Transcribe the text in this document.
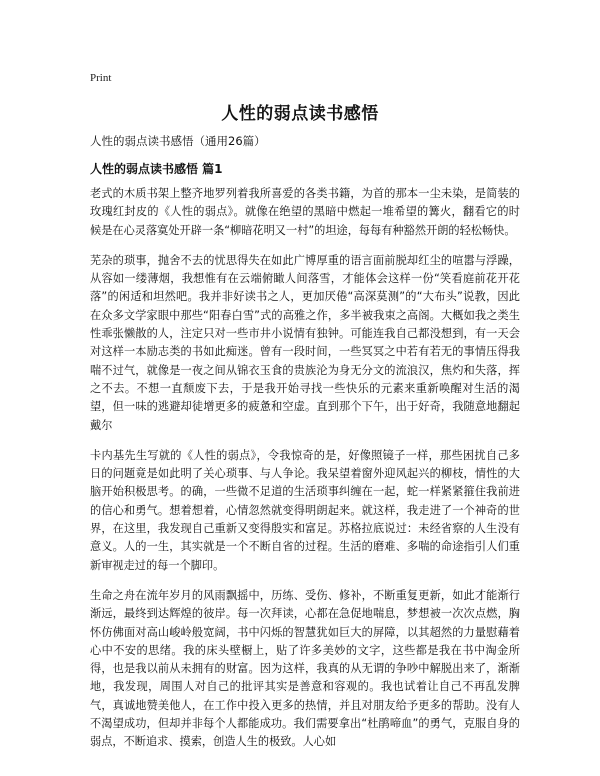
Print
人性的弱点读书感悟
人性的弱点读书感悟（通用26篇）
人性的弱点读书感悟 篇1

老式的木质书架上整齐地罗列着我所喜爱的各类书籍，为首的那本一尘未染，是简装的玫瑰红封皮的《人性的弱点》。就像在绝望的黑暗中燃起一堆希望的篝火，翻看它的时候是在心灵落寞处开辟一条“柳暗花明又一村”的坦途，每每有种豁然开朗的轻松畅快。

芜杂的琐事，抛舍不去的忧思得失在如此广博厚重的语言面前脱却红尘的喧嚣与浮躁，从容如一缕薄烟，我想惟有在云端俯瞰人间落雪，才能体会这样一份“笑看庭前花开花落”的闲适和坦然吧。我并非好读书之人，更加厌倦“高深莫测”的“大布头”说教，因此在众多文学家眼中那些“阳春白雪”式的高雅之作，多半被我束之高阁。大概如我之类生性乖张懒散的人，注定只对一些市井小说情有独钟。可能连我自己都没想到，有一天会对这样一本励志类的书如此痴迷。曾有一段时间，一些冥冥之中若有若无的事情压得我喘不过气，就像是一夜之间从锦衣玉食的贵族沦为身无分文的流浪汉，焦灼和失落，挥之不去。不想一直颓废下去，于是我开始寻找一些快乐的元素来重新唤醒对生活的渴望，但一味的逃避却徒增更多的疲惫和空虚。直到那个下午，出于好奇，我随意地翻起戴尔

卡内基先生写就的《人性的弱点》，令我惊奇的是，好像照镜子一样，那些困扰自己多日的问题竟是如此明了关心琐事、与人争论。我呆望着窗外迎风起兴的柳枝，情性的大脑开始积极思考。的确，一些微不足道的生活琐事纠缠在一起，蛇一样紧紧箍住我前进的信心和勇气。想着想着，心情忽然就变得明朗起来。就这样，我走进了一个神奇的世界，在这里，我发现自己重新又变得殷实和富足。苏格拉底说过：未经省察的人生没有意义。人的一生，其实就是一个不断自省的过程。生活的磨难、多喘的命途指引人们重新审视走过的每一个脚印。

生命之舟在流年岁月的风雨飘摇中，历练、受伤、修补，不断重复更新，如此才能渐行渐远，最终到达辉煌的彼岸。每一次拜读，心都在急促地喘息，梦想被一次次点燃，胸怀仿佛面对高山峻岭般宽阔，书中闪烁的智慧犹如巨大的屏障，以其超然的力量慰藉着心中不安的思绪。我的床头壁橱上，贴了许多美妙的文字，这些都是我在书中淘金所得，也是我以前从未拥有的财富。因为这样，我真的从无谓的争吵中解脱出来了，渐渐地，我发现，周围人对自己的批评其实是善意和容观的。我也试着让自己不再乱发脾气，真诚地赞美他人，在工作中投入更多的热情，并且对朋友给予更多的帮助。没有人不渴望成功，但却并非每个人都能成功。我们需要拿出“杜鹃啼血”的勇气，克服自身的弱点，不断追求、摸索，创造人生的极致。人心如
